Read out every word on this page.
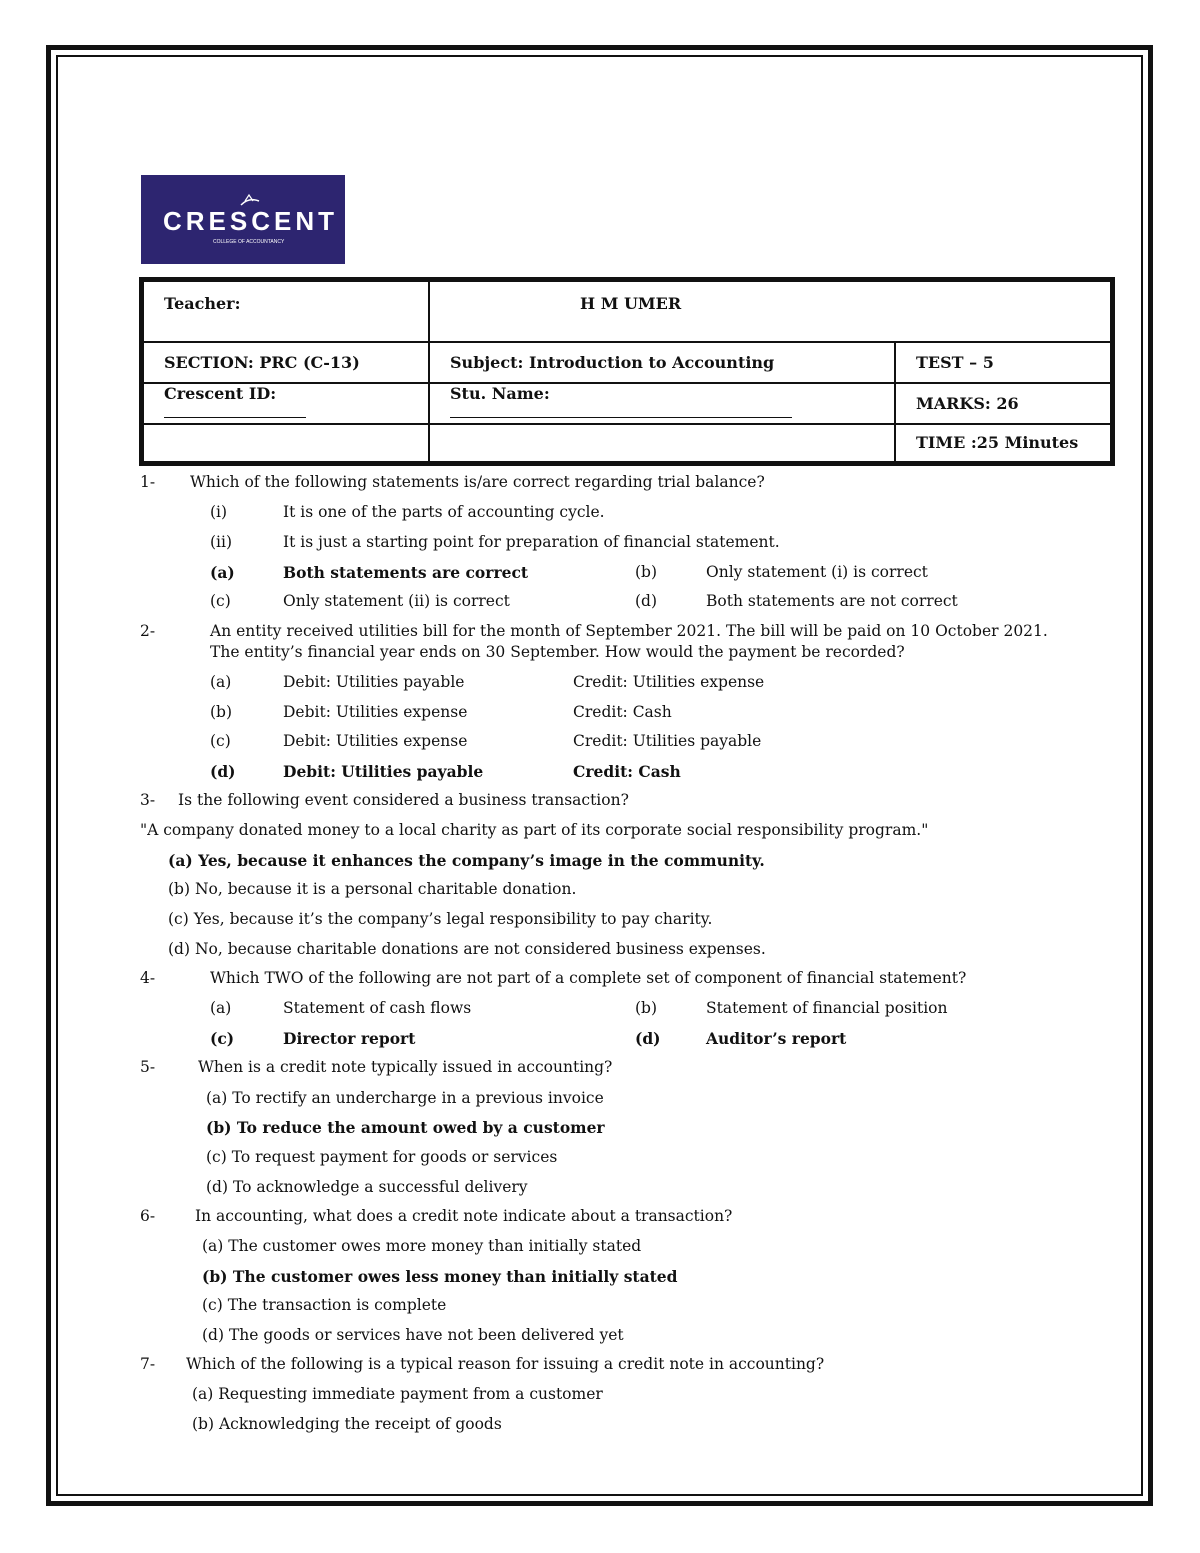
CRESCENT
COLLEGE OF ACCOUNTANCY
Teacher:	H M UMER	
SECTION: PRC (C-13)	Subject: Introduction to Accounting	TEST – 5
Crescent ID:	Stu. Name:	MARKS: 26
		TIME :25 Minutes
1- Which of the following statements is/are correct regarding trial balance?
(i)	It is one of the parts of accounting cycle.
(ii)	It is just a starting point for preparation of financial statement.
(a)	Both statements are correct	(b)	Only statement (i) is correct
(c)	Only statement (ii) is correct	(d)	Both statements are not correct
2-	An entity received utilities bill for the month of September 2021. The bill will be paid on 10 October 2021.
The entity’s financial year ends on 30 September. How would the payment be recorded?
(a)	Debit: Utilities payable	Credit: Utilities expense
(b)	Debit: Utilities expense	Credit: Cash
(c)	Debit: Utilities expense	Credit: Utilities payable
(d)	Debit: Utilities payable	Credit: Cash
3- Is the following event considered a business transaction?
"A company donated money to a local charity as part of its corporate social responsibility program."
(a) Yes, because it enhances the company’s image in the community.
(b) No, because it is a personal charitable donation.
(c) Yes, because it’s the company’s legal responsibility to pay charity.
(d) No, because charitable donations are not considered business expenses.
4-	Which TWO of the following are not part of a complete set of component of financial statement?
(a)	Statement of cash flows	(b)	Statement of financial position
(c)	Director report	(d)	Auditor’s report
5-	When is a credit note typically issued in accounting?
(a) To rectify an undercharge in a previous invoice
(b) To reduce the amount owed by a customer
(c) To request payment for goods or services
(d) To acknowledge a successful delivery
6-	In accounting, what does a credit note indicate about a transaction?
(a) The customer owes more money than initially stated
(b) The customer owes less money than initially stated
(c) The transaction is complete
(d) The goods or services have not been delivered yet
7- Which of the following is a typical reason for issuing a credit note in accounting?
(a) Requesting immediate payment from a customer
(b) Acknowledging the receipt of goods
